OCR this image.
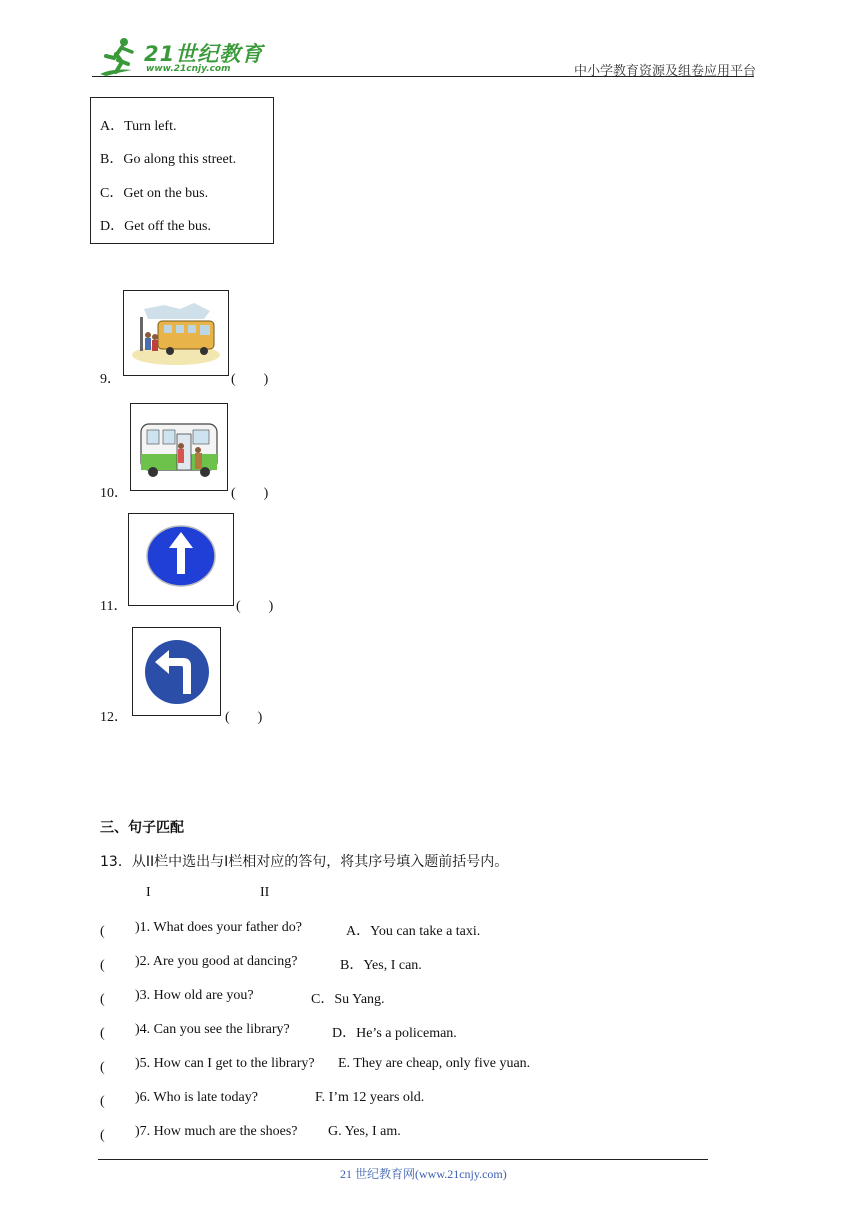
21世纪教育
www.21cnjy.com	中小学教育资源及组卷应用平台
A．Turn left.
B．Go along this street.
C．Get on the bus.
D．Get off the bus.
9．	(　　)
10．	(　　)
11．	(　　)
12．	(　　)
三、句子匹配
13．从II栏中选出与I栏相对应的答句，将其序号填入题前括号内。
I	II
(　　 )1. What does your father do?	A．You can take a taxi.
(　　 )2. Are you good at dancing?	B．Yes, I can.
(　　 )3. How old are you?	C．Su Yang.
(　　 )4. Can you see the library?	D．He’s a policeman.
(　　 )5. How can I get to the library? E. They are cheap, only five yuan.
(　　 )6. Who is late today?	F. I’m 12 years old.
(　　 )7. How much are the shoes? G. Yes, I am.
21 世纪教育网(www.21cnjy.com)
